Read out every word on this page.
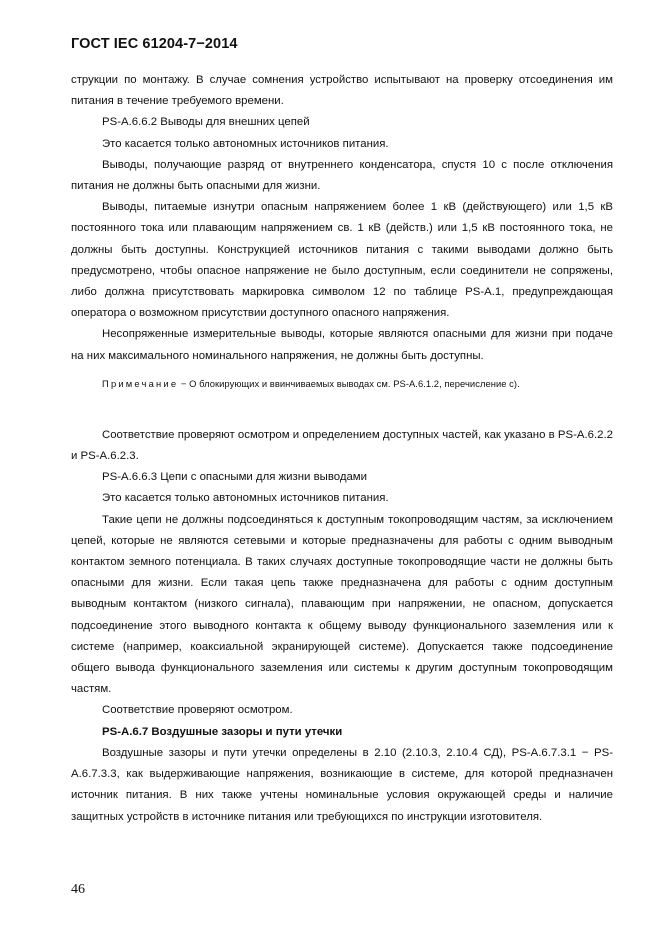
ГОСТ IEC 61204-7−2014

струкции по монтажу. В случае сомнения устройство испытывают на проверку отсоединения им питания в течение требуемого времени.

PS-A.6.6.2 Выводы для внешних цепей

Это касается только автономных источников питания.

Выводы, получающие разряд от внутреннего конденсатора, спустя 10 с после отключения питания не должны быть опасными для жизни.

Выводы, питаемые изнутри опасным напряжением более 1 кВ (действующего) или 1,5 кВ постоянного тока или плавающим напряжением св. 1 кВ (действ.) или 1,5 кВ постоянного тока, не должны быть доступны. Конструкцией источников питания с такими выводами должно быть предусмотрено, чтобы опасное напряжение не было доступным, если соединители не сопряжены, либо должна присутствовать маркировка символом 12 по таблице PS-A.1, предупреждающая оператора о возможном присутствии доступного опасного напряжения.

Несопряженные измерительные выводы, которые являются опасными для жизни при подаче на них максимального номинального напряжения, не должны быть доступны.

Примечание − О блокирующих и ввинчиваемых выводах см. PS-A.6.1.2, перечисление с).

Соответствие проверяют осмотром и определением доступных частей, как указано в PS-A.6.2.2 и PS-A.6.2.3.

PS-A.6.6.3 Цепи с опасными для жизни выводами

Это касается только автономных источников питания.

Такие цепи не должны подсоединяться к доступным токопроводящим частям, за исключением цепей, которые не являются сетевыми и которые предназначены для работы с одним выводным контактом земного потенциала. В таких случаях доступные токопроводящие части не должны быть опасными для жизни. Если такая цепь также предназначена для работы с одним доступным выводным контактом (низкого сигнала), плавающим при напряжении, не опасном, допускается подсоединение этого выводного контакта к общему выводу функционального заземления или к системе (например, коаксиальной экранирующей системе). Допускается также подсоединение общего вывода функционального заземления или системы к другим доступным токопроводящим частям.

Соответствие проверяют осмотром.

PS-A.6.7 Воздушные зазоры и пути утечки

Воздушные зазоры и пути утечки определены в 2.10 (2.10.3, 2.10.4 СД), PS-A.6.7.3.1 − PS-A.6.7.3.3, как выдерживающие напряжения, возникающие в системе, для которой предназначен источник питания. В них также учтены номинальные условия окружающей среды и наличие защитных устройств в источнике питания или требующихся по инструкции изготовителя.

46
